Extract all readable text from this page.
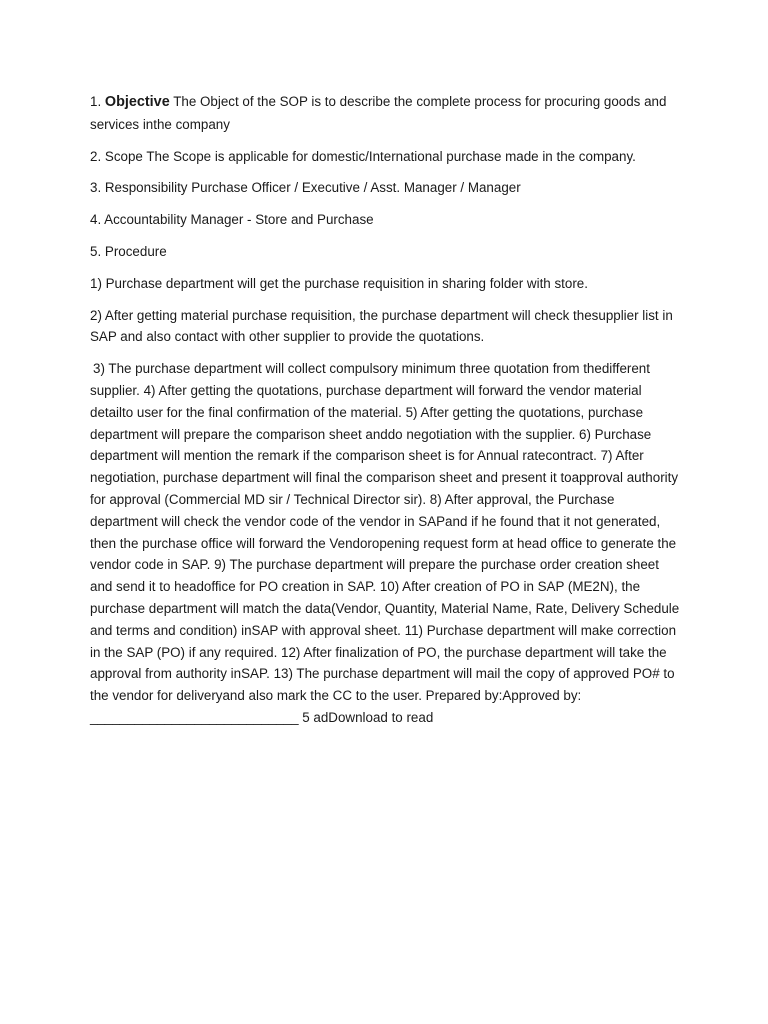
1. Objective The Object of the SOP is to describe the complete process for procuring goods and services inthe company

2. Scope The Scope is applicable for domestic/International purchase made in the company.

3. Responsibility Purchase Officer / Executive / Asst. Manager / Manager

4. Accountability Manager - Store and Purchase

5. Procedure

1) Purchase department will get the purchase requisition in sharing folder with store.

2) After getting material purchase requisition, the purchase department will check thesupplier list in SAP and also contact with other supplier to provide the quotations.

3) The purchase department will collect compulsory minimum three quotation from thedifferent supplier. 4) After getting the quotations, purchase department will forward the vendor material detailto user for the final confirmation of the material. 5) After getting the quotations, purchase department will prepare the comparison sheet anddo negotiation with the supplier. 6) Purchase department will mention the remark if the comparison sheet is for Annual ratecontract. 7) After negotiation, purchase department will final the comparison sheet and present it toapproval authority for approval (Commercial MD sir / Technical Director sir). 8) After approval, the Purchase department will check the vendor code of the vendor in SAPand if he found that it not generated, then the purchase office will forward the Vendoropening request form at head office to generate the vendor code in SAP. 9) The purchase department will prepare the purchase order creation sheet and send it to headoffice for PO creation in SAP. 10) After creation of PO in SAP (ME2N), the purchase department will match the data(Vendor, Quantity, Material Name, Rate, Delivery Schedule and terms and condition) inSAP with approval sheet. 11) Purchase department will make correction in the SAP (PO) if any required. 12) After finalization of PO, the purchase department will take the approval from authority inSAP. 13) The purchase department will mail the copy of approved PO# to the vendor for deliveryand also mark the CC to the user. Prepared by:Approved by: ____________________________ 5 adDownload to read
